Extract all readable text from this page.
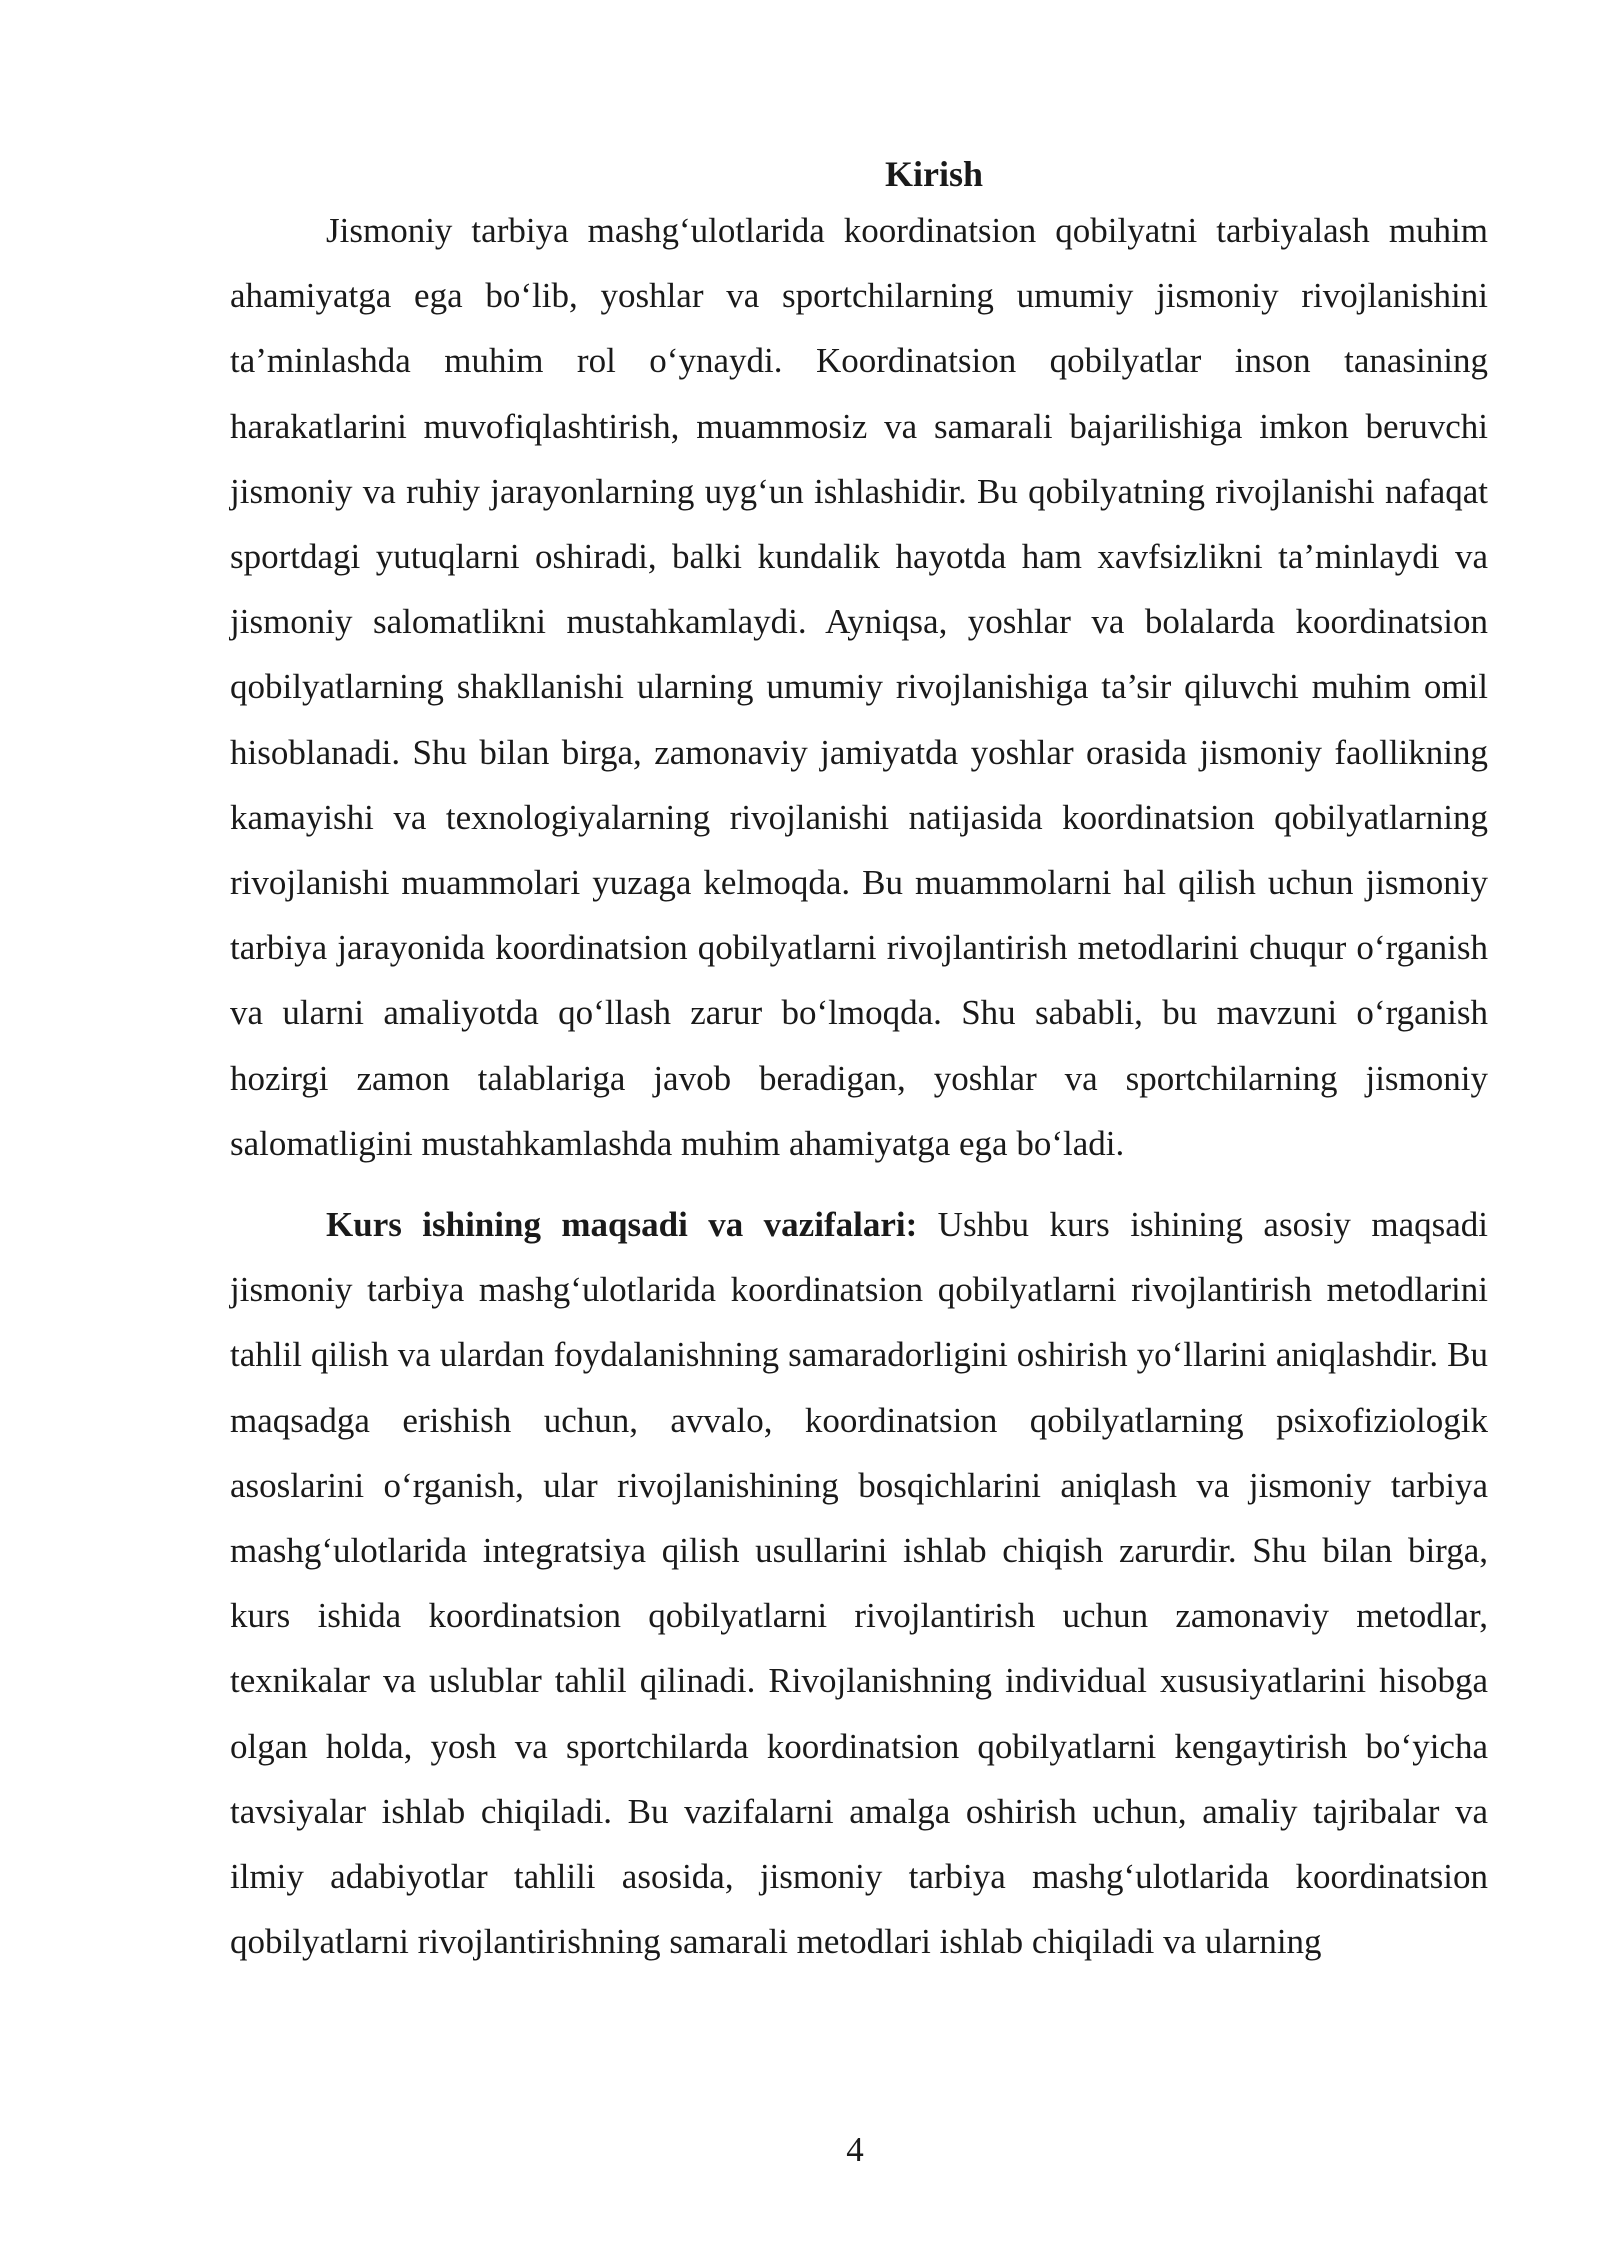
Kirish

Jismoniy tarbiya mashg‘ulotlarida koordinatsion qobilyatni tarbiyalash muhim ahamiyatga ega bo‘lib, yoshlar va sportchilarning umumiy jismoniy rivojlanishini ta’minlashda muhim rol o‘ynaydi. Koordinatsion qobilyatlar inson tanasining harakatlarini muvofiqlashtirish, muammosiz va samarali bajarilishiga imkon beruvchi jismoniy va ruhiy jarayonlarning uyg‘un ishlashidir. Bu qobilyatning rivojlanishi nafaqat sportdagi yutuqlarni oshiradi, balki kundalik hayotda ham xavfsizlikni ta’minlaydi va jismoniy salomatlikni mustahkamlaydi. Ayniqsa, yoshlar va bolalarda koordinatsion qobilyatlarning shakllanishi ularning umumiy rivojlanishiga ta’sir qiluvchi muhim omil hisoblanadi. Shu bilan birga, zamonaviy jamiyatda yoshlar orasida jismoniy faollikning kamayishi va texnologiyalarning rivojlanishi natijasida koordinatsion qobilyatlarning rivojlanishi muammolari yuzaga kelmoqda. Bu muammolarni hal qilish uchun jismoniy tarbiya jarayonida koordinatsion qobilyatlarni rivojlantirish metodlarini chuqur o‘rganish va ularni amaliyotda qo‘llash zarur bo‘lmoqda. Shu sababli, bu mavzuni o‘rganish hozirgi zamon talablariga javob beradigan, yoshlar va sportchilarning jismoniy salomatligini mustahkamlashda muhim ahamiyatga ega bo‘ladi.

Kurs ishining maqsadi va vazifalari: Ushbu kurs ishining asosiy maqsadi jismoniy tarbiya mashg‘ulotlarida koordinatsion qobilyatlarni rivojlantirish metodlarini tahlil qilish va ulardan foydalanishning samaradorligini oshirish yo‘llarini aniqlashdir. Bu maqsadga erishish uchun, avvalo, koordinatsion qobilyatlarning psixofiziologik asoslarini o‘rganish, ular rivojlanishining bosqichlarini aniqlash va jismoniy tarbiya mashg‘ulotlarida integratsiya qilish usullarini ishlab chiqish zarurdir. Shu bilan birga, kurs ishida koordinatsion qobilyatlarni rivojlantirish uchun zamonaviy metodlar, texnikalar va uslublar tahlil qilinadi. Rivojlanishning individual xususiyatlarini hisobga olgan holda, yosh va sportchilarda koordinatsion qobilyatlarni kengaytirish bo‘yicha tavsiyalar ishlab chiqiladi. Bu vazifalarni amalga oshirish uchun, amaliy tajribalar va ilmiy adabiyotlar tahlili asosida, jismoniy tarbiya mashg‘ulotlarida koordinatsion qobilyatlarni rivojlantirishning samarali metodlari ishlab chiqiladi va ularning

4
